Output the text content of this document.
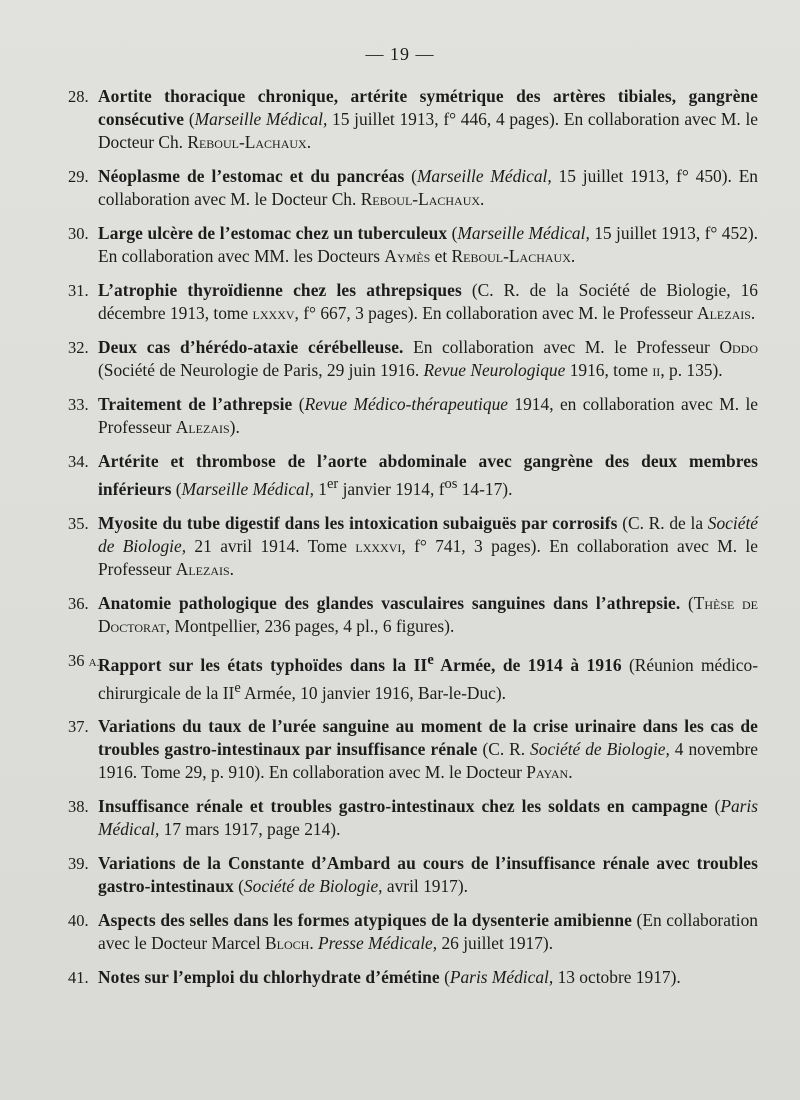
— 19 —
28. Aortite thoracique chronique, artérite symétrique des artères tibiales, gangrène consécutive (Marseille Médical, 15 juillet 1913, f° 446, 4 pages). En collaboration avec M. le Docteur Ch. Reboul-Lachaux.
29. Néoplasme de l’estomac et du pancréas (Marseille Médical, 15 juillet 1913, f° 450). En collaboration avec M. le Docteur Ch. Reboul-Lachaux.
30. Large ulcère de l’estomac chez un tuberculeux (Marseille Médical, 15 juillet 1913, f° 452). En collaboration avec MM. les Docteurs Aymès et Reboul-Lachaux.
31. L’atrophie thyroïdienne chez les athrepsiques (C. R. de la Société de Biologie, 16 décembre 1913, tome lxxxv, f° 667, 3 pages). En collaboration avec M. le Professeur Alezais.
32. Deux cas d’hérédo-ataxie cérébelleuse. En collaboration avec M. le Professeur Oddo (Société de Neurologie de Paris, 29 juin 1916. Revue Neurologique 1916, tome ii, p. 135).
33. Traitement de l’athrepsie (Revue Médico-thérapeutique 1914, en collaboration avec M. le Professeur Alezais).
34. Artérite et thrombose de l’aorte abdominale avec gangrène des deux membres inférieurs (Marseille Médical, 1er janvier 1914, $f^{os}$ 14-17).
35. Myosite du tube digestif dans les intoxication subaiguës par corrosifs (C. R. de la Société de Biologie, 21 avril 1914. Tome lxxxvi, f° 741, 3 pages). En collaboration avec M. le Professeur Alezais.
36. Anatomie pathologique des glandes vasculaires sanguines dans l’athrepsie. (Thèse de Doctorat, Montpellier, 236 pages, 4 pl., 6 figures).
36 A.
Rapport sur les états typhoïdes dans la IIe Armée, de 1914 à 1916 (Réunion médico-chirurgicale de la IIe Armée, 10 janvier 1916, Bar-le-Duc).
37. Variations du taux de l’urée sanguine au moment de la crise urinaire dans les cas de troubles gastro-intestinaux par insuffisance rénale (C. R. Société de Biologie, 4 novembre 1916. Tome 29, p. 910). En collaboration avec M. le Docteur Payan.
38. Insuffisance rénale et troubles gastro-intestinaux chez les soldats en campagne (Paris Médical, 17 mars 1917, page 214).
39. Variations de la Constante d’Ambard au cours de l’insuffisance rénale avec troubles gastro-intestinaux (Société de Biologie, avril 1917).
40. Aspects des selles dans les formes atypiques de la dysenterie amibienne (En collaboration avec le Docteur Marcel Bloch. Presse Médicale, 26 juillet 1917).
41. Notes sur l’emploi du chlorhydrate d’émétine (Paris Médical, 13 octobre 1917).
